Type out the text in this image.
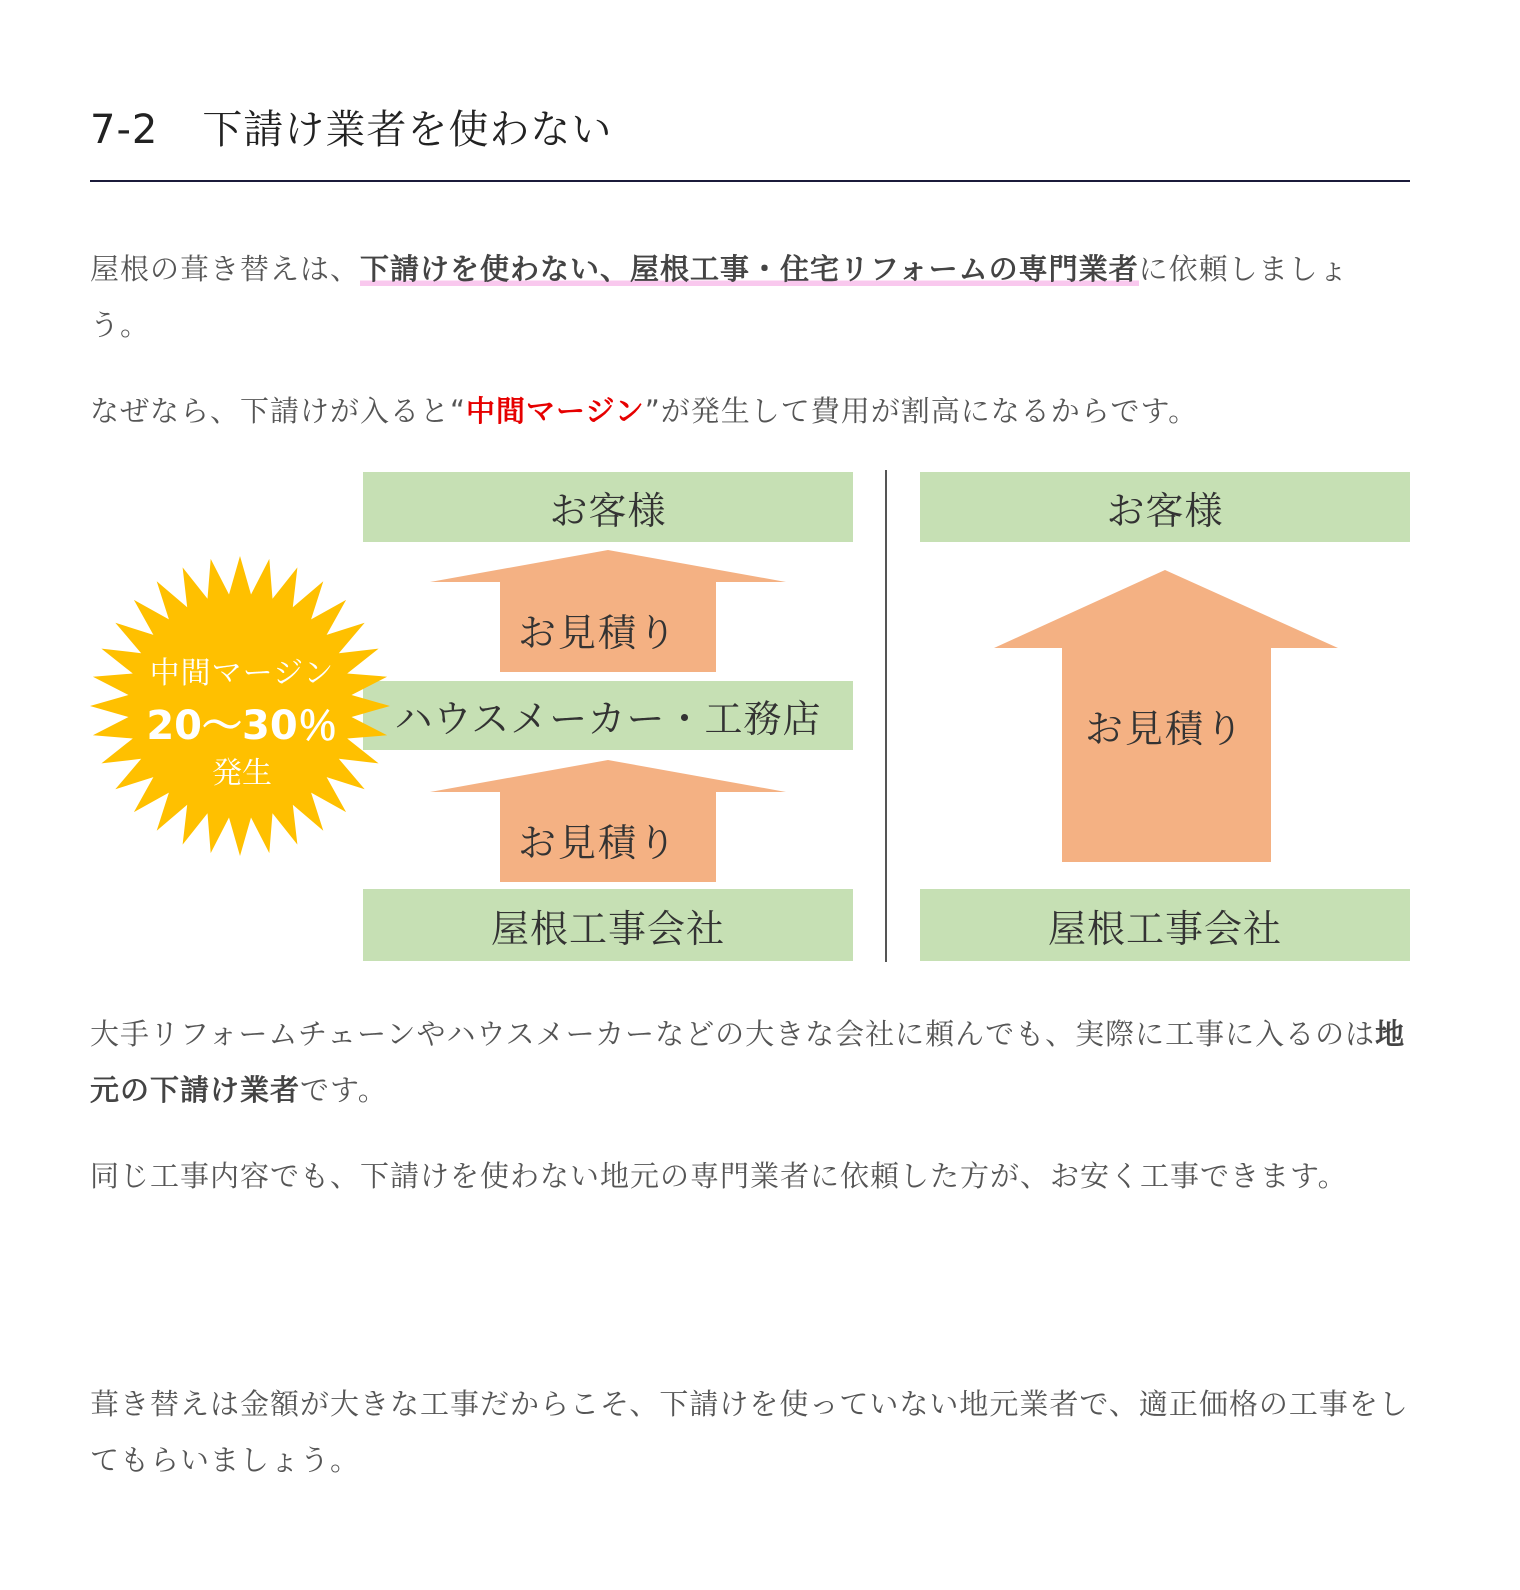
7-2 下請け業者を使わない

屋根の葺き替えは、下請けを使わない、屋根工事・住宅リフォームの専門業者に依頼しましょう。

なぜなら、下請けが入ると“中間マージン”が発生して費用が割高になるからです。

大手リフォームチェーンやハウスメーカーなどの大きな会社に頼んでも、実際に工事に入るのは地元の下請け業者です。

同じ工事内容でも、下請けを使わない地元の専門業者に依頼した方が、お安く工事できます。

葺き替えは金額が大きな工事だからこそ、下請けを使っていない地元業者で、適正価格の工事をしてもらいましょう。

お客様
お見積り
ハウスメーカー・工務店
お見積り
屋根工事会社
お客様
お見積り
屋根工事会社
中間マージン
20〜30％
発生
